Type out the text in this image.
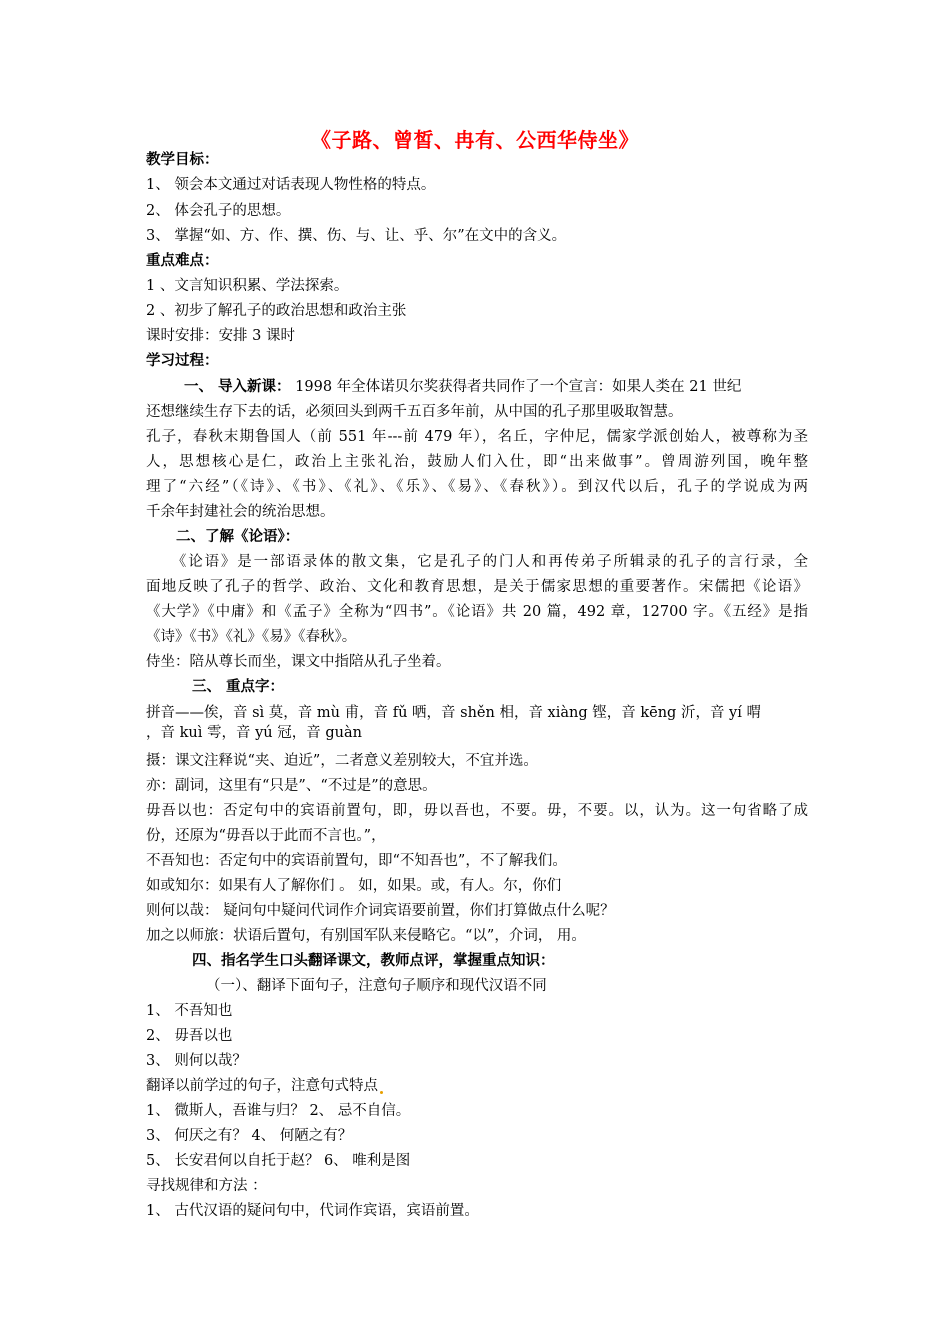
《子路、曾皙、冉有、公西华侍坐》
教学目标：
1、 领会本文通过对话表现人物性格的特点。
2、 体会孔子的思想。
3、 掌握“如、方、作、撰、伤、与、让、乎、尔”在文中的含义。
重点难点：
1 、文言知识积累、学法探索。
2 、初步了解孔子的政治思想和政治主张
课时安排：安排 3 课时
学习过程：
一、 导入新课： 1998 年全体诺贝尔奖获得者共同作了一个宣言：如果人类在 21 世纪
还想继续生存下去的话，必须回头到两千五百多年前，从中国的孔子那里吸取智慧。
孔子，春秋末期鲁国人（前 551 年---前 479 年），名丘，字仲尼，儒家学派创始人，被尊称为圣
人，思想核心是仁，政治上主张礼治，鼓励人们入仕，即“出来做事”。曾周游列国，晚年整
理了“六经”（《诗》、《书》、《礼》、《乐》、《易》、《春秋》）。到汉代以后，孔子的学说成为两
千余年封建社会的统治思想。
二、了解《论语》：
《论语》是一部语录体的散文集，它是孔子的门人和再传弟子所辑录的孔子的言行录，全
面地反映了孔子的哲学、政治、文化和教育思想，是关于儒家思想的重要著作。宋儒把《论语》
《大学》《中庸》和《孟子》全称为“四书”。《论语》共 20 篇，492 章，12700 字。《五经》是指
《诗》《书》《礼》《易》《春秋》。
侍坐：陪从尊长而坐，课文中指陪从孔子坐着。
三、 重点字：
拼音——俟，音 sì 莫，音 mù 甫，音 fǔ 哂，音 shěn 相，音 xiàng 铿，音 kēng 沂，音 yí 喟
，音 kuì 雩，音 yú 冠，音 guàn
摄：课文注释说“夹、迫近”，二者意义差别较大，不宜并选。
亦：副词，这里有“只是”、“不过是”的意思。
毋吾以也：否定句中的宾语前置句，即，毋以吾也，不要。毋，不要。以，认为。这一句省略了成
份，还原为“毋吾以于此而不言也。”，
不吾知也：否定句中的宾语前置句，即“不知吾也”，不了解我们。
如或知尔：如果有人了解你们 。 如，如果。或，有人。尔，你们
则何以哉： 疑问句中疑问代词作介词宾语要前置，你们打算做点什么呢？
加之以师旅：状语后置句，有别国军队来侵略它。“以”，介词， 用。
四、指名学生口头翻译课文，教师点评，掌握重点知识：
（一）、翻译下面句子，注意句子顺序和现代汉语不同
1、 不吾知也
2、 毋吾以也
3、 则何以哉？
翻译以前学过的句子，注意句式特点
1、 微斯人，吾谁与归？ 2、 忌不自信。
3、 何厌之有？ 4、 何陋之有？
5、 长安君何以自托于赵？ 6、 唯利是图
寻找规律和方法 ：
1、 古代汉语的疑问句中，代词作宾语，宾语前置。
